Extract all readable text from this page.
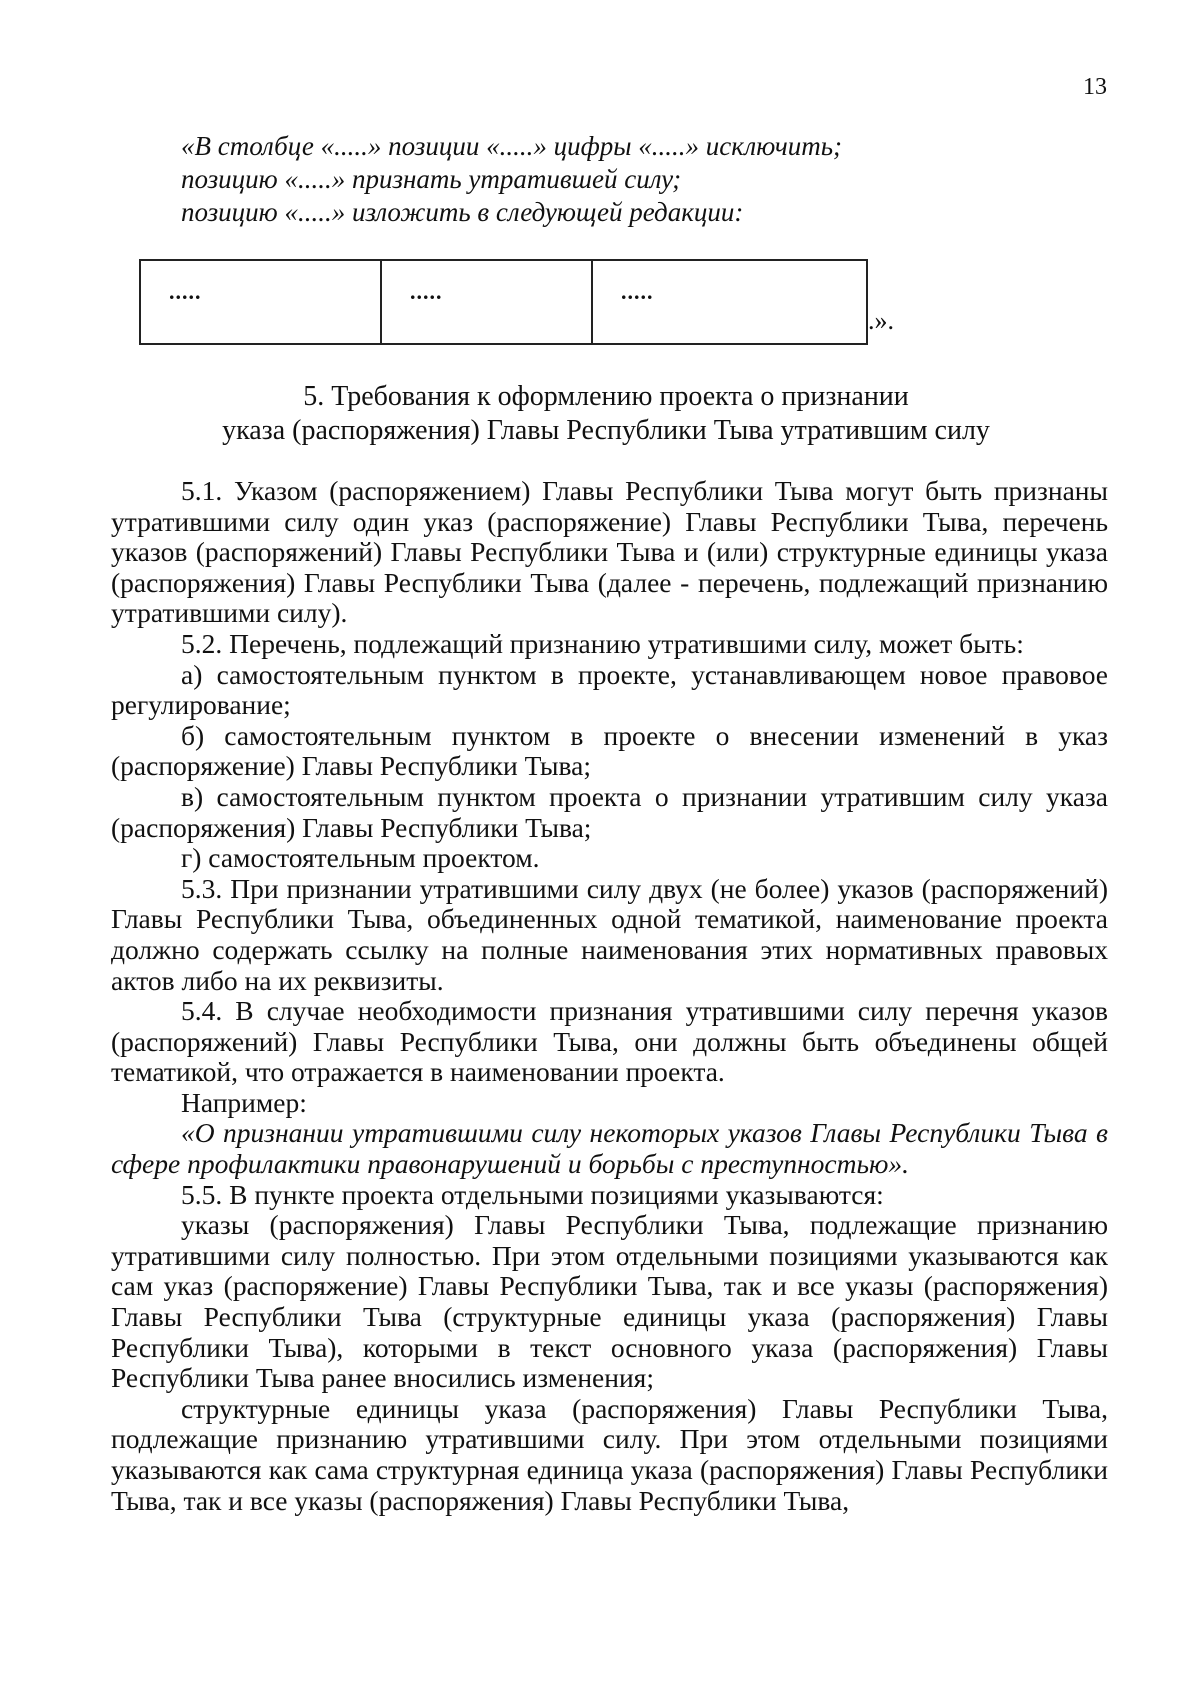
13
«В столбце «.....» позиции «.....» цифры «.....» исключить;
позицию «.....» признать утратившей силу;
позицию «.....» изложить в следующей редакции:
.....	.....	.....
.».
5. Требования к оформлению проекта о признании
указа (распоряжения) Главы Республики Тыва утратившим силу

5.1. Указом (распоряжением) Главы Республики Тыва могут быть признаны утратившими силу один указ (распоряжение) Главы Республики Тыва, перечень указов (распоряжений) Главы Республики Тыва и (или) структурные единицы указа (распоряжения) Главы Республики Тыва (далее - перечень, подлежащий признанию утратившими силу).

5.2. Перечень, подлежащий признанию утратившими силу, может быть:

а) самостоятельным пунктом в проекте, устанавливающем новое правовое регулирование;

б) самостоятельным пунктом в проекте о внесении изменений в указ (распоряжение) Главы Республики Тыва;

в) самостоятельным пунктом проекта о признании утратившим силу указа (распоряжения) Главы Республики Тыва;

г) самостоятельным проектом.

5.3. При признании утратившими силу двух (не более) указов (распоряжений) Главы Республики Тыва, объединенных одной тематикой, наименование проекта должно содержать ссылку на полные наименования этих нормативных правовых актов либо на их реквизиты.

5.4. В случае необходимости признания утратившими силу перечня указов (распоряжений) Главы Республики Тыва, они должны быть объединены общей тематикой, что отражается в наименовании проекта.

Например:

«О признании утратившими силу некоторых указов Главы Республики Тыва в сфере профилактики правонарушений и борьбы с преступностью».

5.5. В пункте проекта отдельными позициями указываются:

указы (распоряжения) Главы Республики Тыва, подлежащие признанию утратившими силу полностью. При этом отдельными позициями указываются как сам указ (распоряжение) Главы Республики Тыва, так и все указы (распоряжения) Главы Республики Тыва (структурные единицы указа (распоряжения) Главы Республики Тыва), которыми в текст основного указа (распоряжения) Главы Республики Тыва ранее вносились изменения;

структурные единицы указа (распоряжения) Главы Республики Тыва, подлежащие признанию утратившими силу. При этом отдельными позициями указываются как сама структурная единица указа (распоряжения) Главы Республики Тыва, так и все указы (распоряжения) Главы Республики Тыва,
